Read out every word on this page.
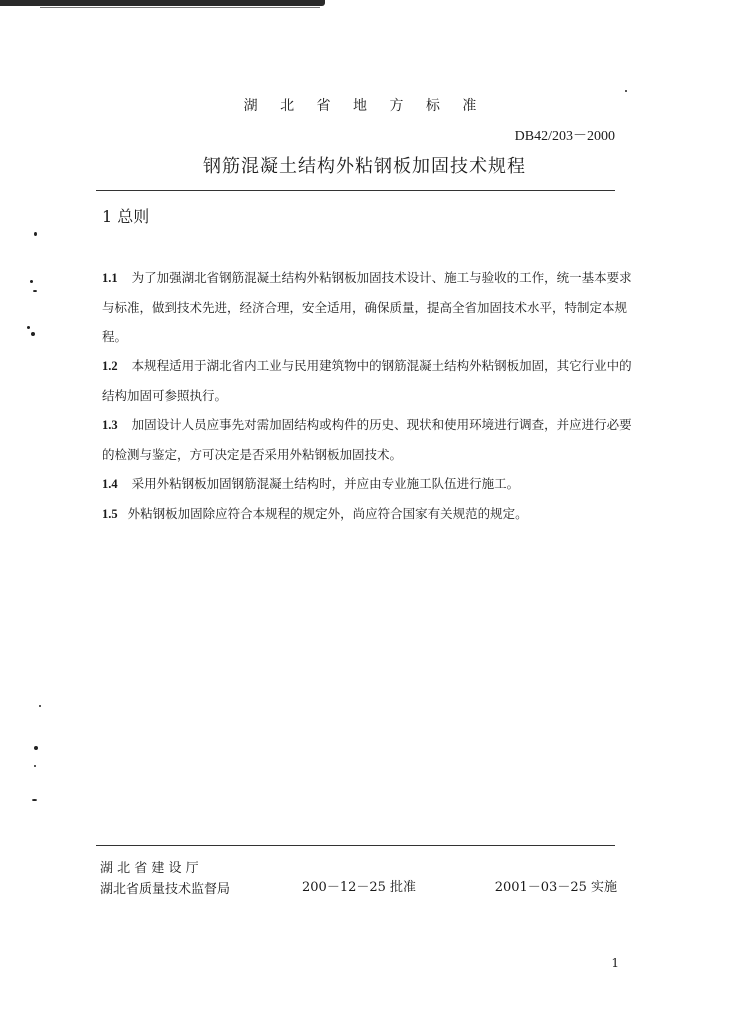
湖 北 省 地 方 标 准
DB42/203－2000
钢筋混凝土结构外粘钢板加固技术规程
1 总则
1.1 为了加强湖北省钢筋混凝土结构外粘钢板加固技术设计、施工与验收的工作，统一基本要求与标准，做到技术先进，经济合理，安全适用，确保质量，提高全省加固技术水平，特制定本规程。
1.2 本规程适用于湖北省内工业与民用建筑物中的钢筋混凝土结构外粘钢板加固，其它行业中的结构加固可参照执行。
1.3 加固设计人员应事先对需加固结构或构件的历史、现状和使用环境进行调查，并应进行必要的检测与鉴定，方可决定是否采用外粘钢板加固技术。
1.4 采用外粘钢板加固钢筋混凝土结构时，并应由专业施工队伍进行施工。
1.5 外粘钢板加固除应符合本规程的规定外，尚应符合国家有关规范的规定。
湖 北 省 建 设 厅
湖北省质量技术监督局	200－12－25 批准	2001－03－25 实施
1
